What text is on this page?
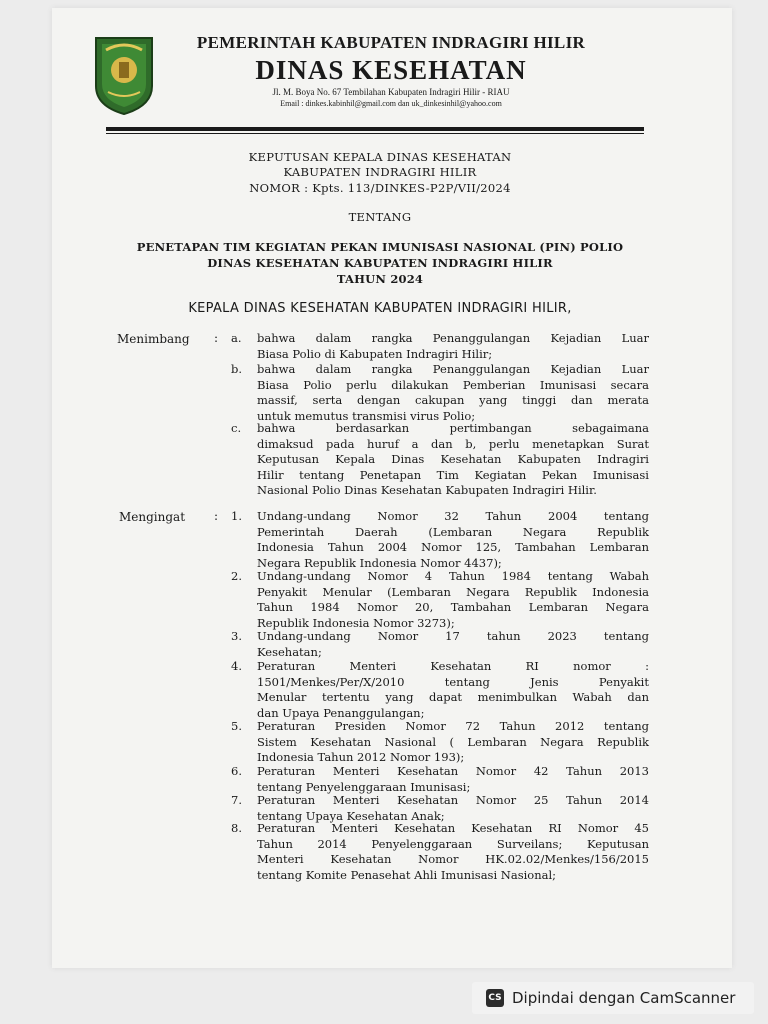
PEMERINTAH KABUPATEN INDRAGIRI HILIR
DINAS KESEHATAN
Jl. M. Boya No. 67 Tembilahan Kabupaten Indragiri Hilir - RIAU
Email : dinkes.kabinhil@gmail.com dan uk_dinkesinhil@yahoo.com
KEPUTUSAN KEPALA DINAS KESEHATAN
KABUPATEN INDRAGIRI HILIR
NOMOR : Kpts. 113/DINKES-P2P/VII/2024
TENTANG
PENETAPAN TIM KEGIATAN PEKAN IMUNISASI NASIONAL (PIN) POLIO
DINAS KESEHATAN KABUPATEN INDRAGIRI HILIR
TAHUN 2024
KEPALA DINAS KESEHATAN KABUPATEN INDRAGIRI HILIR,
Menimbang : a.	bahwa dalam rangka Penanggulangan Kejadian Luar
Biasa Polio di Kabupaten Indragiri Hilir;
b.	bahwa dalam rangka Penanggulangan Kejadian Luar
Biasa Polio perlu dilakukan Pemberian Imunisasi secara
massif, serta dengan cakupan yang tinggi dan merata
untuk memutus transmisi virus Polio;
c.	bahwa berdasarkan pertimbangan sebagaimana
dimaksud pada huruf a dan b, perlu menetapkan Surat
Keputusan Kepala Dinas Kesehatan Kabupaten Indragiri
Hilir tentang Penetapan Tim Kegiatan Pekan Imunisasi
Nasional Polio Dinas Kesehatan Kabupaten Indragiri Hilir.
Mengingat : 1.	Undang-undang Nomor 32 Tahun 2004 tentang
Pemerintah Daerah (Lembaran Negara Republik
Indonesia Tahun 2004 Nomor 125, Tambahan Lembaran
Negara Republik Indonesia Nomor 4437);
2.	Undang-undang Nomor 4 Tahun 1984 tentang Wabah
Penyakit Menular (Lembaran Negara Republik Indonesia
Tahun 1984 Nomor 20, Tambahan Lembaran Negara
Republik Indonesia Nomor 3273);
3.	Undang-undang Nomor 17 tahun 2023 tentang
Kesehatan;
4.	Peraturan Menteri Kesehatan RI nomor :
1501/Menkes/Per/X/2010 tentang Jenis Penyakit
Menular tertentu yang dapat menimbulkan Wabah dan
dan Upaya Penanggulangan;
5.	Peraturan Presiden Nomor 72 Tahun 2012 tentang
Sistem Kesehatan Nasional ( Lembaran Negara Republik
Indonesia Tahun 2012 Nomor 193);
6.	Peraturan Menteri Kesehatan Nomor 42 Tahun 2013
tentang Penyelenggaraan Imunisasi;
7.	Peraturan Menteri Kesehatan Nomor 25 Tahun 2014
tentang Upaya Kesehatan Anak;
8.	Peraturan Menteri Kesehatan Kesehatan RI Nomor 45
Tahun 2014 Penyelenggaraan Surveilans; Keputusan
Menteri Kesehatan Nomor HK.02.02/Menkes/156/2015
tentang Komite Penasehat Ahli Imunisasi Nasional;
CS Dipindai dengan CamScanner
